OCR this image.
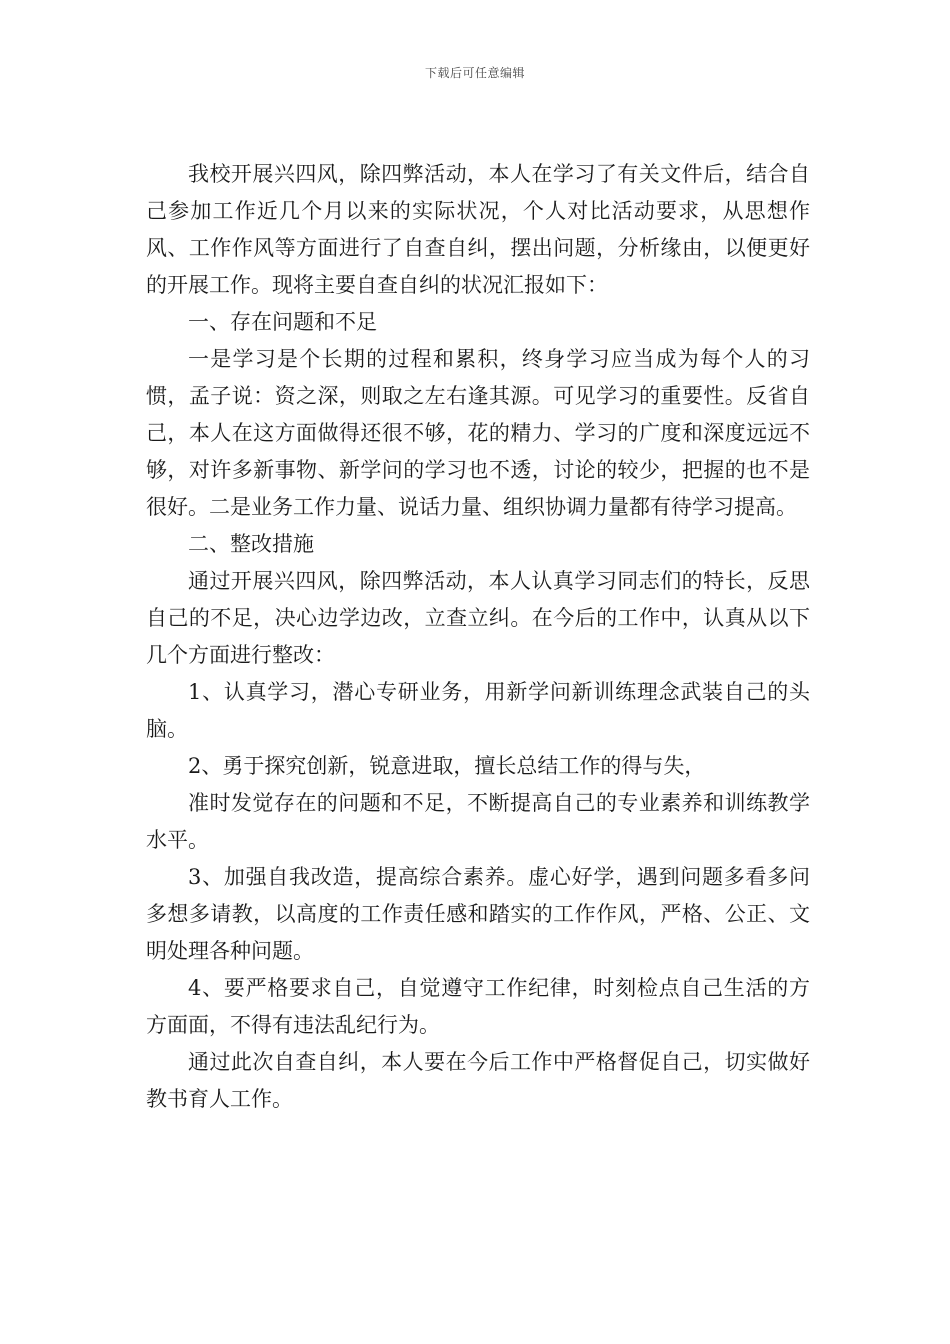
下载后可任意编辑

我校开展兴四风，除四弊活动，本人在学习了有关文件后，结合自己参加工作近几个月以来的实际状况，个人对比活动要求，从思想作风、工作作风等方面进行了自查自纠，摆出问题，分析缘由，以便更好的开展工作。现将主要自查自纠的状况汇报如下：

一、存在问题和不足

一是学习是个长期的过程和累积，终身学习应当成为每个人的习惯，孟子说：资之深，则取之左右逢其源。可见学习的重要性。反省自己，本人在这方面做得还很不够，花的精力、学习的广度和深度远远不够，对许多新事物、新学问的学习也不透，讨论的较少，把握的也不是很好。二是业务工作力量、说话力量、组织协调力量都有待学习提高。

二、整改措施

通过开展兴四风，除四弊活动，本人认真学习同志们的特长，反思自己的不足，决心边学边改，立查立纠。在今后的工作中，认真从以下几个方面进行整改：

1、认真学习，潜心专研业务，用新学问新训练理念武装自己的头脑。

2、勇于探究创新，锐意进取，擅长总结工作的得与失，

准时发觉存在的问题和不足，不断提高自己的专业素养和训练教学水平。

3、加强自我改造，提高综合素养。虚心好学，遇到问题多看多问多想多请教，以高度的工作责任感和踏实的工作作风，严格、公正、文明处理各种问题。

4、要严格要求自己，自觉遵守工作纪律，时刻检点自己生活的方方面面，不得有违法乱纪行为。

通过此次自查自纠，本人要在今后工作中严格督促自己，切实做好教书育人工作。
